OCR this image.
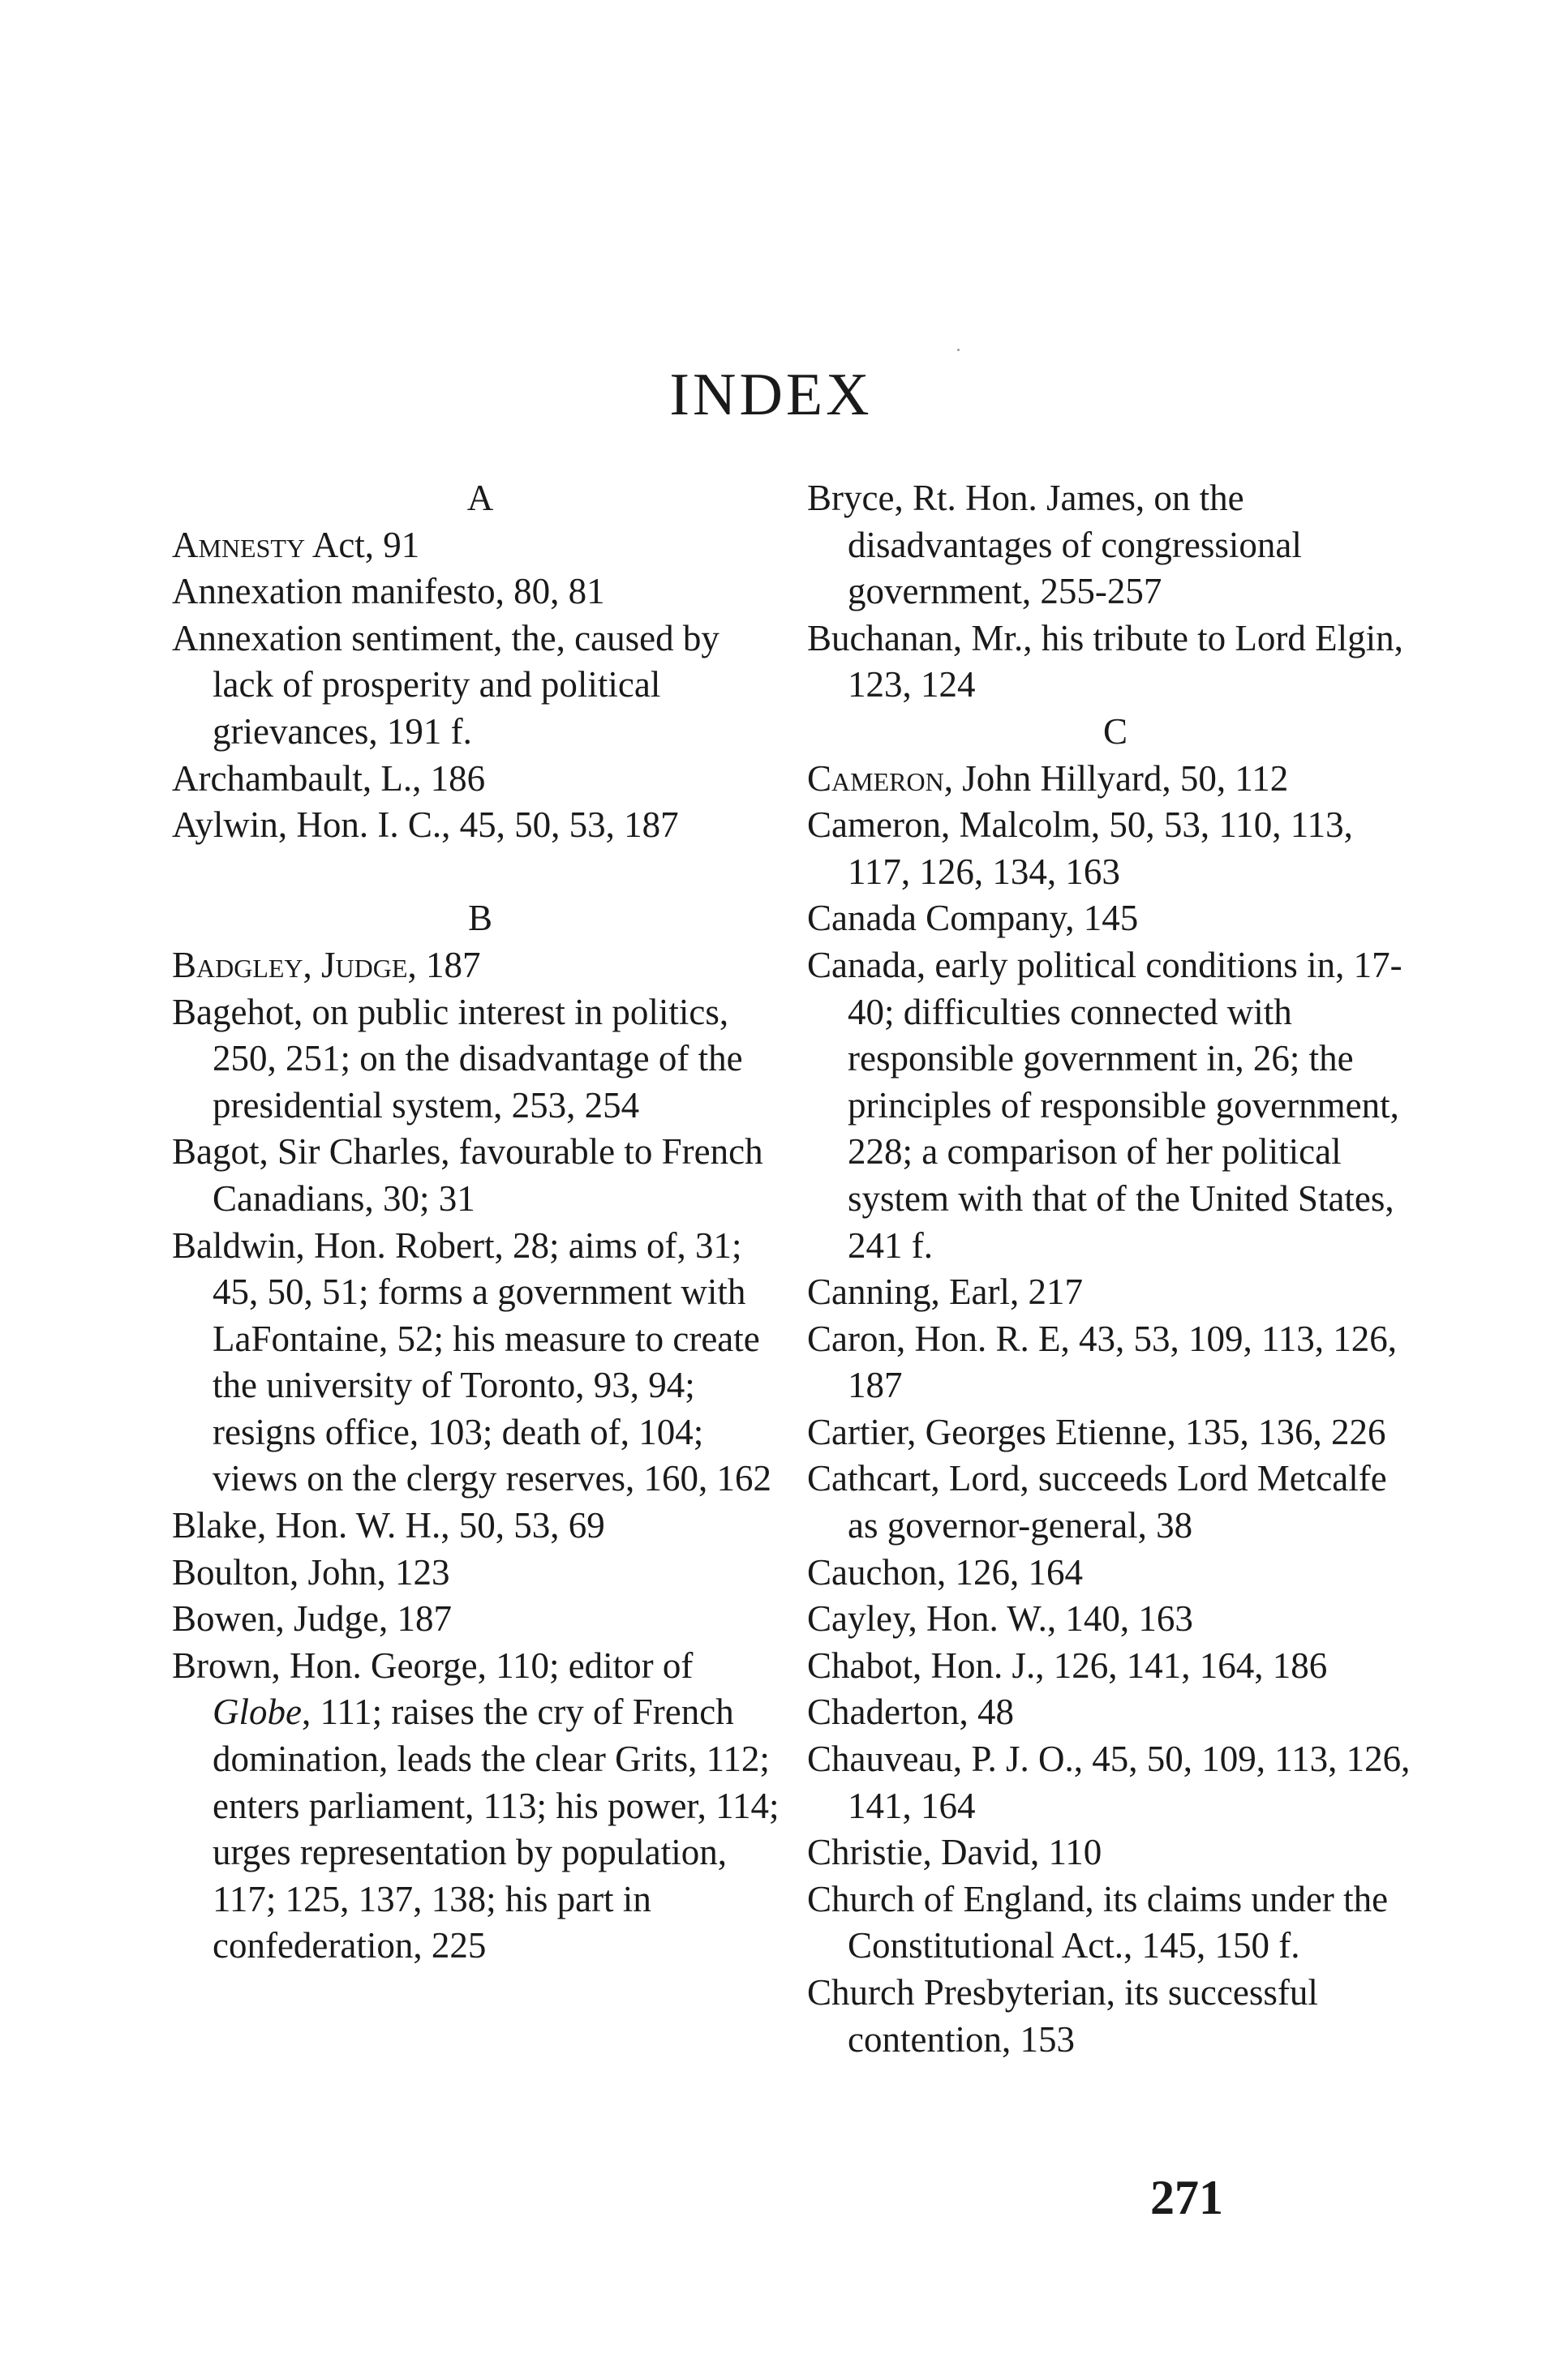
INDEX
A
Amnesty Act, 91
Annexation manifesto, 80, 81
Annexation sentiment, the, caused by lack of prosperity and political grievances, 191 f.
Archambault, L., 186
Aylwin, Hon. I. C., 45, 50, 53, 187
B
Badgley, Judge, 187
Bagehot, on public interest in politics, 250, 251; on the disadvantage of the presidential system, 253, 254
Bagot, Sir Charles, favourable to French Canadians, 30; 31
Baldwin, Hon. Robert, 28; aims of, 31; 45, 50, 51; forms a government with LaFontaine, 52; his measure to create the university of Toronto, 93, 94; resigns office, 103; death of, 104; views on the clergy reserves, 160, 162
Blake, Hon. W. H., 50, 53, 69
Boulton, John, 123
Bowen, Judge, 187
Brown, Hon. George, 110; editor of Globe, 111; raises the cry of French domination, leads the clear Grits, 112; enters parliament, 113; his power, 114; urges representation by population, 117; 125, 137, 138; his part in confederation, 225
Bryce, Rt. Hon. James, on the disadvantages of congressional government, 255-257
Buchanan, Mr., his tribute to Lord Elgin, 123, 124
C
Cameron, John Hillyard, 50, 112
Cameron, Malcolm, 50, 53, 110, 113, 117, 126, 134, 163
Canada Company, 145
Canada, early political conditions in, 17-40; difficulties connected with responsible government in, 26; the principles of responsible government, 228; a comparison of her political system with that of the United States, 241 f.
Canning, Earl, 217
Caron, Hon. R. E, 43, 53, 109, 113, 126, 187
Cartier, Georges Etienne, 135, 136, 226
Cathcart, Lord, succeeds Lord Metcalfe as governor-general, 38
Cauchon, 126, 164
Cayley, Hon. W., 140, 163
Chabot, Hon. J., 126, 141, 164, 186
Chaderton, 48
Chauveau, P. J. O., 45, 50, 109, 113, 126, 141, 164
Christie, David, 110
Church of England, its claims under the Constitutional Act., 145, 150 f.
Church Presbyterian, its successful contention, 153
271
